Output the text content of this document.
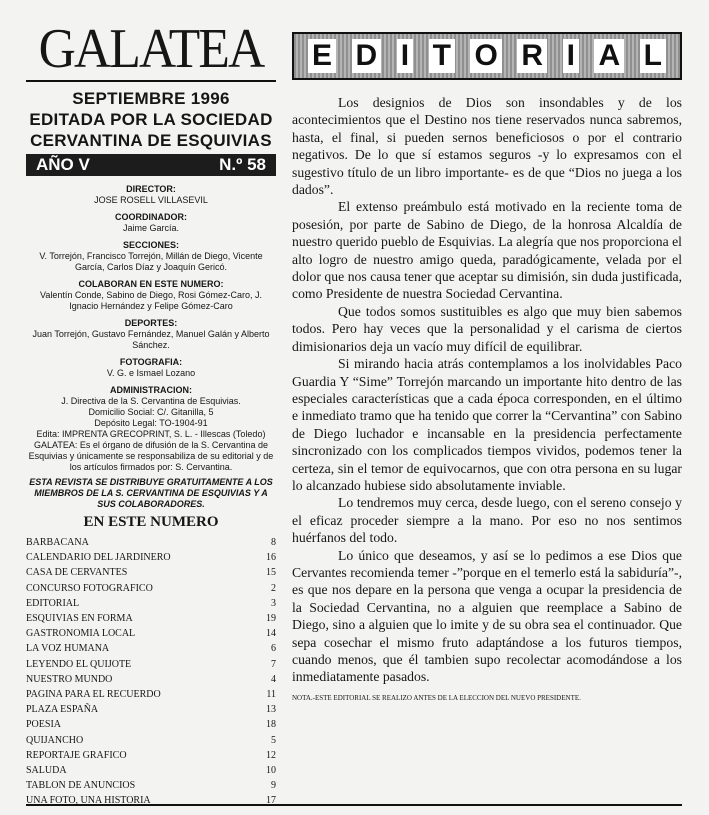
GALATEA
SEPTIEMBRE 1996
EDITADA POR LA SOCIEDAD
CERVANTINA DE ESQUIVIAS
AÑO V	N.º 58
DIRECTOR:
JOSE ROSELL VILLASEVIL
COORDINADOR:
Jaime García.
SECCIONES:
V. Torrejón, Francisco Torrejón, Millán de Diego, Vicente García, Carlos Díaz y Joaquín Gericó.
COLABORAN EN ESTE NUMERO:
Valentín Conde, Sabino de Diego, Rosi Gómez-Caro, J. Ignacio Hernández y Felipe Gómez-Caro
DEPORTES:
Juan Torrejón, Gustavo Fernández, Manuel Galán y Alberto Sánchez.
FOTOGRAFIA:
V. G. e Ismael Lozano
ADMINISTRACION:
J. Directiva de la S. Cervantina de Esquivias.
Domicilio Social: C/. Gitanilla, 5
Depósito Legal: TO-1904-91
Edita: IMPRENTA GRECOPRINT, S. L. - Illescas (Toledo)
GALATEA: Es el órgano de difusión de la S. Cervantina de Esquivias y únicamente se responsabiliza de su editorial y de los artículos firmados por: S. Cervantina.
ESTA REVISTA SE DISTRIBUYE GRATUITAMENTE A LOS MIEMBROS DE LA S. CERVANTINA DE ESQUIVIAS Y A SUS COLABORADORES.
EN ESTE NUMERO
BARBACANA	8
CALENDARIO DEL JARDINERO	16
CASA DE CERVANTES	15
CONCURSO FOTOGRAFICO	2
EDITORIAL	3
ESQUIVIAS EN FORMA	19
GASTRONOMIA LOCAL	14
LA VOZ HUMANA	6
LEYENDO EL QUIJOTE	7
NUESTRO MUNDO	4
PAGINA PARA EL RECUERDO	11
PLAZA ESPAÑA	13
POESIA	18
QUIJANCHO	5
REPORTAJE GRAFICO	12
SALUDA	10
TABLON DE ANUNCIOS	9
UNA FOTO, UNA HISTORIA	17
E D I T O R I A L

Los designios de Dios son insondables y de los acontecimientos que el Destino nos tiene reservados nunca sabremos, hasta, el final, si pueden sernos beneficiosos o por el contrario negativos. De lo que sí estamos seguros -y lo expresamos con el sugestivo título de un libro importante- es de que “Dios no juega a los dados”.

El extenso preámbulo está motivado en la reciente toma de posesión, por parte de Sabino de Diego, de la honrosa Alcaldía de nuestro querido pueblo de Esquivias. La alegría que nos proporciona el alto logro de nuestro amigo queda, paradógicamente, velada por el dolor que nos causa tener que aceptar su dimisión, sin duda justificada, como Presidente de nuestra Sociedad Cervantina.

Que todos somos sustituibles es algo que muy bien sabemos todos. Pero hay veces que la personalidad y el carisma de ciertos dimisionarios deja un vacío muy difícil de equilibrar.

Si mirando hacia atrás contemplamos a los inolvidables Paco Guardia Y “Sime” Torrejón marcando un importante hito dentro de las especiales características que a cada época corresponden, en el último e inmediato tramo que ha tenido que correr la “Cervantina” con Sabino de Diego luchador e incansable en la presidencia perfectamente sincronizado con los complicados tiempos vividos, podemos tener la certeza, sin el temor de equivocarnos, que con otra persona en su lugar lo alcanzado hubiese sido absolutamente inviable.

Lo tendremos muy cerca, desde luego, con el sereno consejo y el eficaz proceder siempre a la mano. Por eso no nos sentimos huérfanos del todo.

Lo único que deseamos, y así se lo pedimos a ese Dios que Cervantes recomienda temer -”porque en el temerlo está la sabiduría”-, es que nos depare en la persona que venga a ocupar la presidencia de la Sociedad Cervantina, no a alguien que reemplace a Sabino de Diego, sino a alguien que lo imite y de su obra sea el continuador. Que sepa cosechar el mismo fruto adaptándose a los futuros tiempos, cuando menos, que él tambien supo recolectar acomodándose a los inmediatamente pasados.

NOTA.-ESTE EDITORIAL SE REALIZO ANTES DE LA ELECCION DEL NUEVO PRESIDENTE.
